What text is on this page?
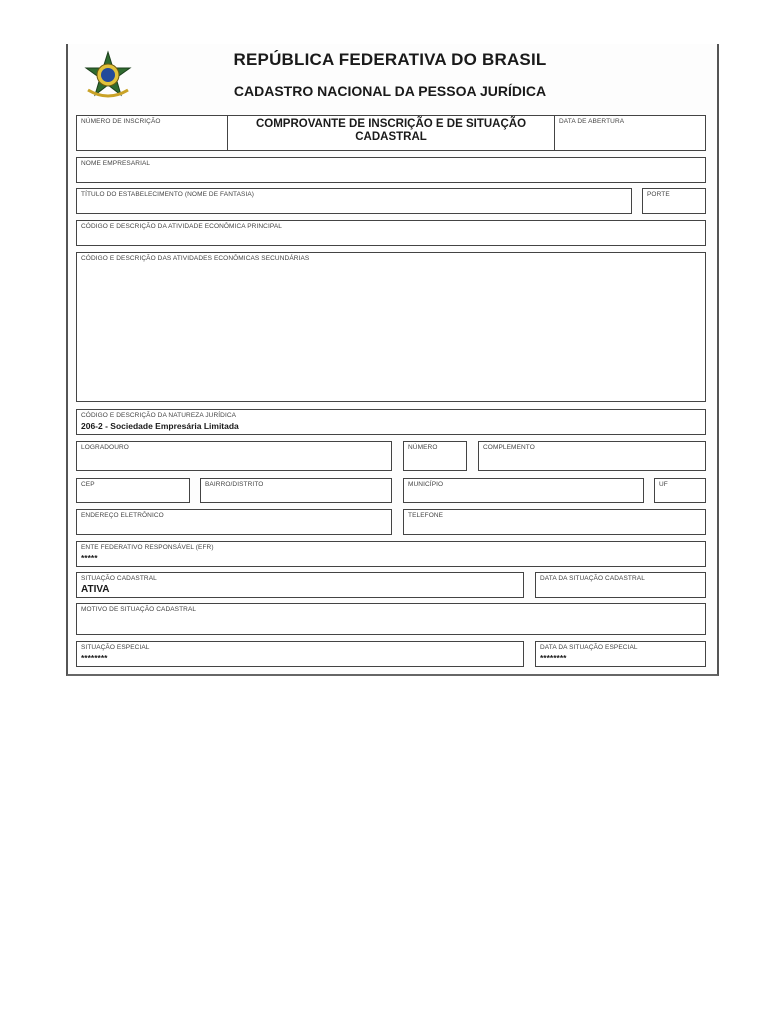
REPÚBLICA FEDERATIVA DO BRASIL
CADASTRO NACIONAL DA PESSOA JURÍDICA
NÚMERO DE INSCRIÇÃO	COMPROVANTE DE INSCRIÇÃO E DE SITUAÇÃO
CADASTRAL
DATA DE ABERTURA
NOME EMPRESARIAL
TÍTULO DO ESTABELECIMENTO (NOME DE FANTASIA)	PORTE
CÓDIGO E DESCRIÇÃO DA ATIVIDADE ECONÔMICA PRINCIPAL
CÓDIGO E DESCRIÇÃO DAS ATIVIDADES ECONÔMICAS SECUNDÁRIAS
CÓDIGO E DESCRIÇÃO DA NATUREZA JURÍDICA
206-2 - Sociedade Empresária Limitada
LOGRADOURO	NÚMERO	COMPLEMENTO
CEP	BAIRRO/DISTRITO	MUNICÍPIO	UF
ENDEREÇO ELETRÔNICO	TELEFONE
ENTE FEDERATIVO RESPONSÁVEL (EFR)
*****
SITUAÇÃO CADASTRAL
ATIVA
DATA DA SITUAÇÃO CADASTRAL
MOTIVO DE SITUAÇÃO CADASTRAL
SITUAÇÃO ESPECIAL
********
DATA DA SITUAÇÃO ESPECIAL
********
